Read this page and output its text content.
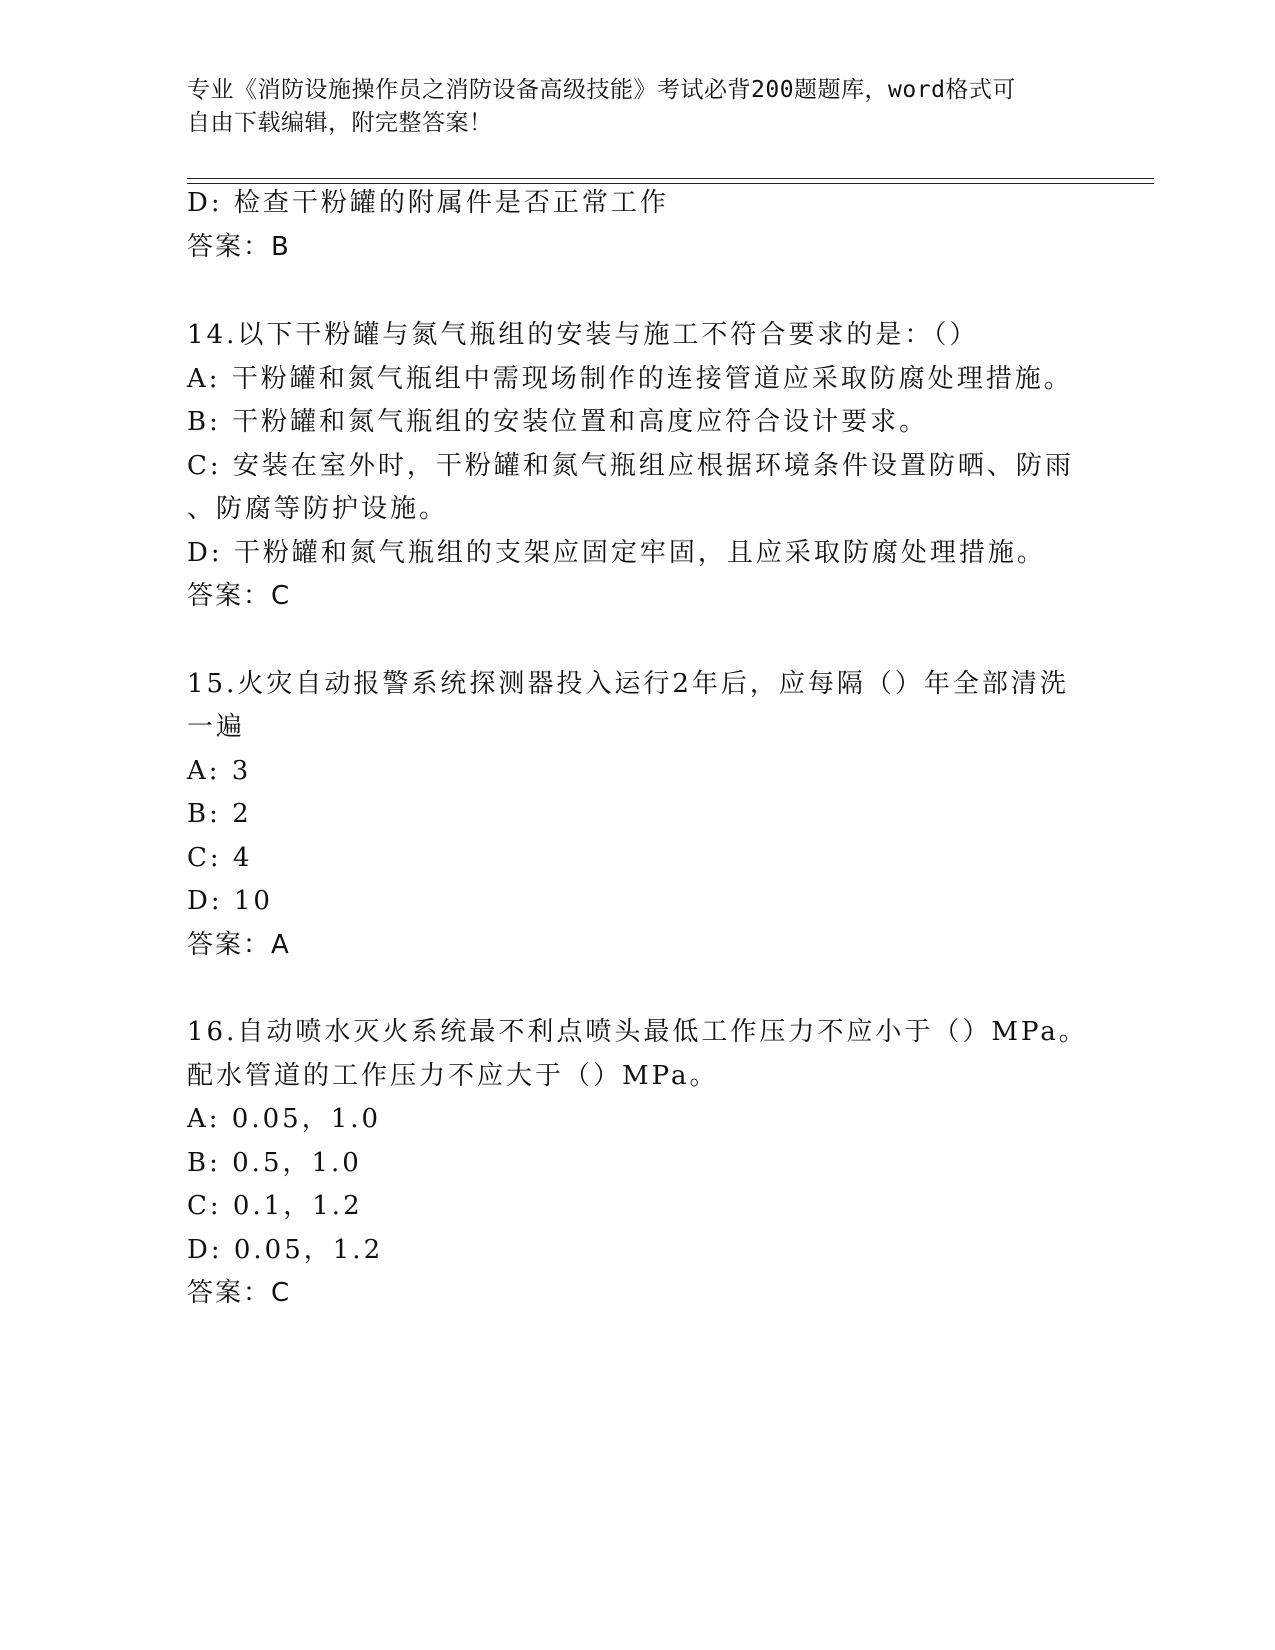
专业《消防设施操作员之消防设备高级技能》考试必背200题题库，word格式可
自由下载编辑，附完整答案！
D: 检查干粉罐的附属件是否正常工作
答案：B
14.以下干粉罐与氮气瓶组的安装与施工不符合要求的是：（）
A: 干粉罐和氮气瓶组中需现场制作的连接管道应采取防腐处理措施。
B: 干粉罐和氮气瓶组的安装位置和高度应符合设计要求。
C: 安装在室外时，干粉罐和氮气瓶组应根据环境条件设置防晒、防雨
、防腐等防护设施。
D: 干粉罐和氮气瓶组的支架应固定牢固，且应采取防腐处理措施。
答案：C
15.火灾自动报警系统探测器投入运行2年后，应每隔（）年全部清洗
一遍
A: 3
B: 2
C: 4
D: 10
答案：A
16.自动喷水灭火系统最不利点喷头最低工作压力不应小于（）MPa。
配水管道的工作压力不应大于（）MPa。
A: 0.05，1.0
B: 0.5，1.0
C: 0.1，1.2
D: 0.05，1.2
答案：C
